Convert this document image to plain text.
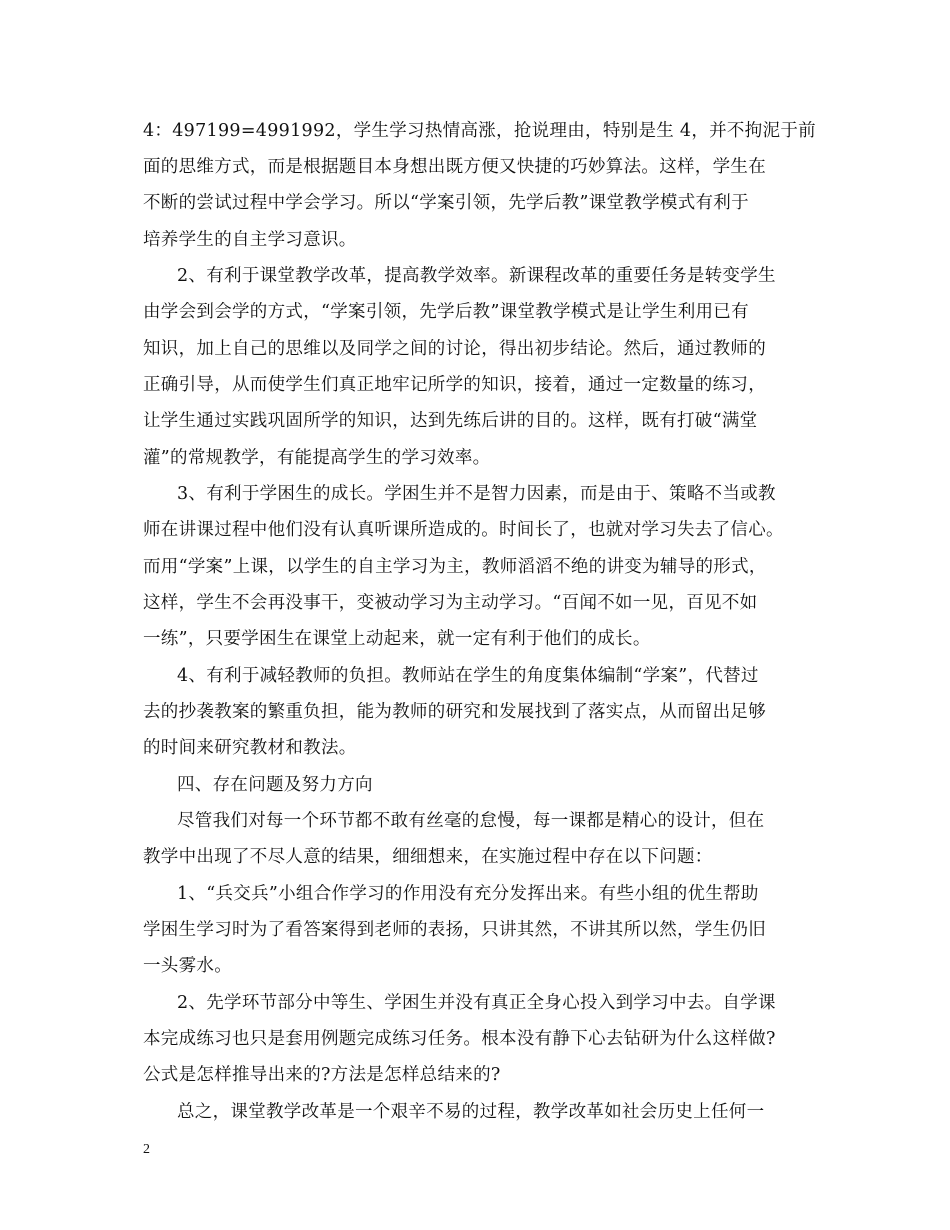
4：497199=4991992，学生学习热情高涨，抢说理由，特别是生 4，并不拘泥于前
面的思维方式，而是根据题目本身想出既方便又快捷的巧妙算法。这样，学生在
不断的尝试过程中学会学习。所以“学案引领，先学后教”课堂教学模式有利于
培养学生的自主学习意识。
2、有利于课堂教学改革，提高教学效率。新课程改革的重要任务是转变学生
由学会到会学的方式，“学案引领，先学后教”课堂教学模式是让学生利用已有
知识，加上自己的思维以及同学之间的讨论，得出初步结论。然后，通过教师的
正确引导，从而使学生们真正地牢记所学的知识，接着，通过一定数量的练习，
让学生通过实践巩固所学的知识，达到先练后讲的目的。这样，既有打破“满堂
灌”的常规教学，有能提高学生的学习效率。
3、有利于学困生的成长。学困生并不是智力因素，而是由于、策略不当或教
师在讲课过程中他们没有认真听课所造成的。时间长了，也就对学习失去了信心。
而用“学案”上课，以学生的自主学习为主，教师滔滔不绝的讲变为辅导的形式，
这样，学生不会再没事干，变被动学习为主动学习。“百闻不如一见，百见不如
一练”，只要学困生在课堂上动起来，就一定有利于他们的成长。
4、有利于减轻教师的负担。教师站在学生的角度集体编制“学案”，代替过
去的抄袭教案的繁重负担，能为教师的研究和发展找到了落实点，从而留出足够
的时间来研究教材和教法。
四、存在问题及努力方向
尽管我们对每一个环节都不敢有丝毫的怠慢，每一课都是精心的设计，但在
教学中出现了不尽人意的结果，细细想来，在实施过程中存在以下问题：
1、“兵交兵”小组合作学习的作用没有充分发挥出来。有些小组的优生帮助
学困生学习时为了看答案得到老师的表扬，只讲其然，不讲其所以然，学生仍旧
一头雾水。
2、先学环节部分中等生、学困生并没有真正全身心投入到学习中去。自学课
本完成练习也只是套用例题完成练习任务。根本没有静下心去钻研为什么这样做?
公式是怎样推导出来的?方法是怎样总结来的?
总之，课堂教学改革是一个艰辛不易的过程，教学改革如社会历史上任何一
2
